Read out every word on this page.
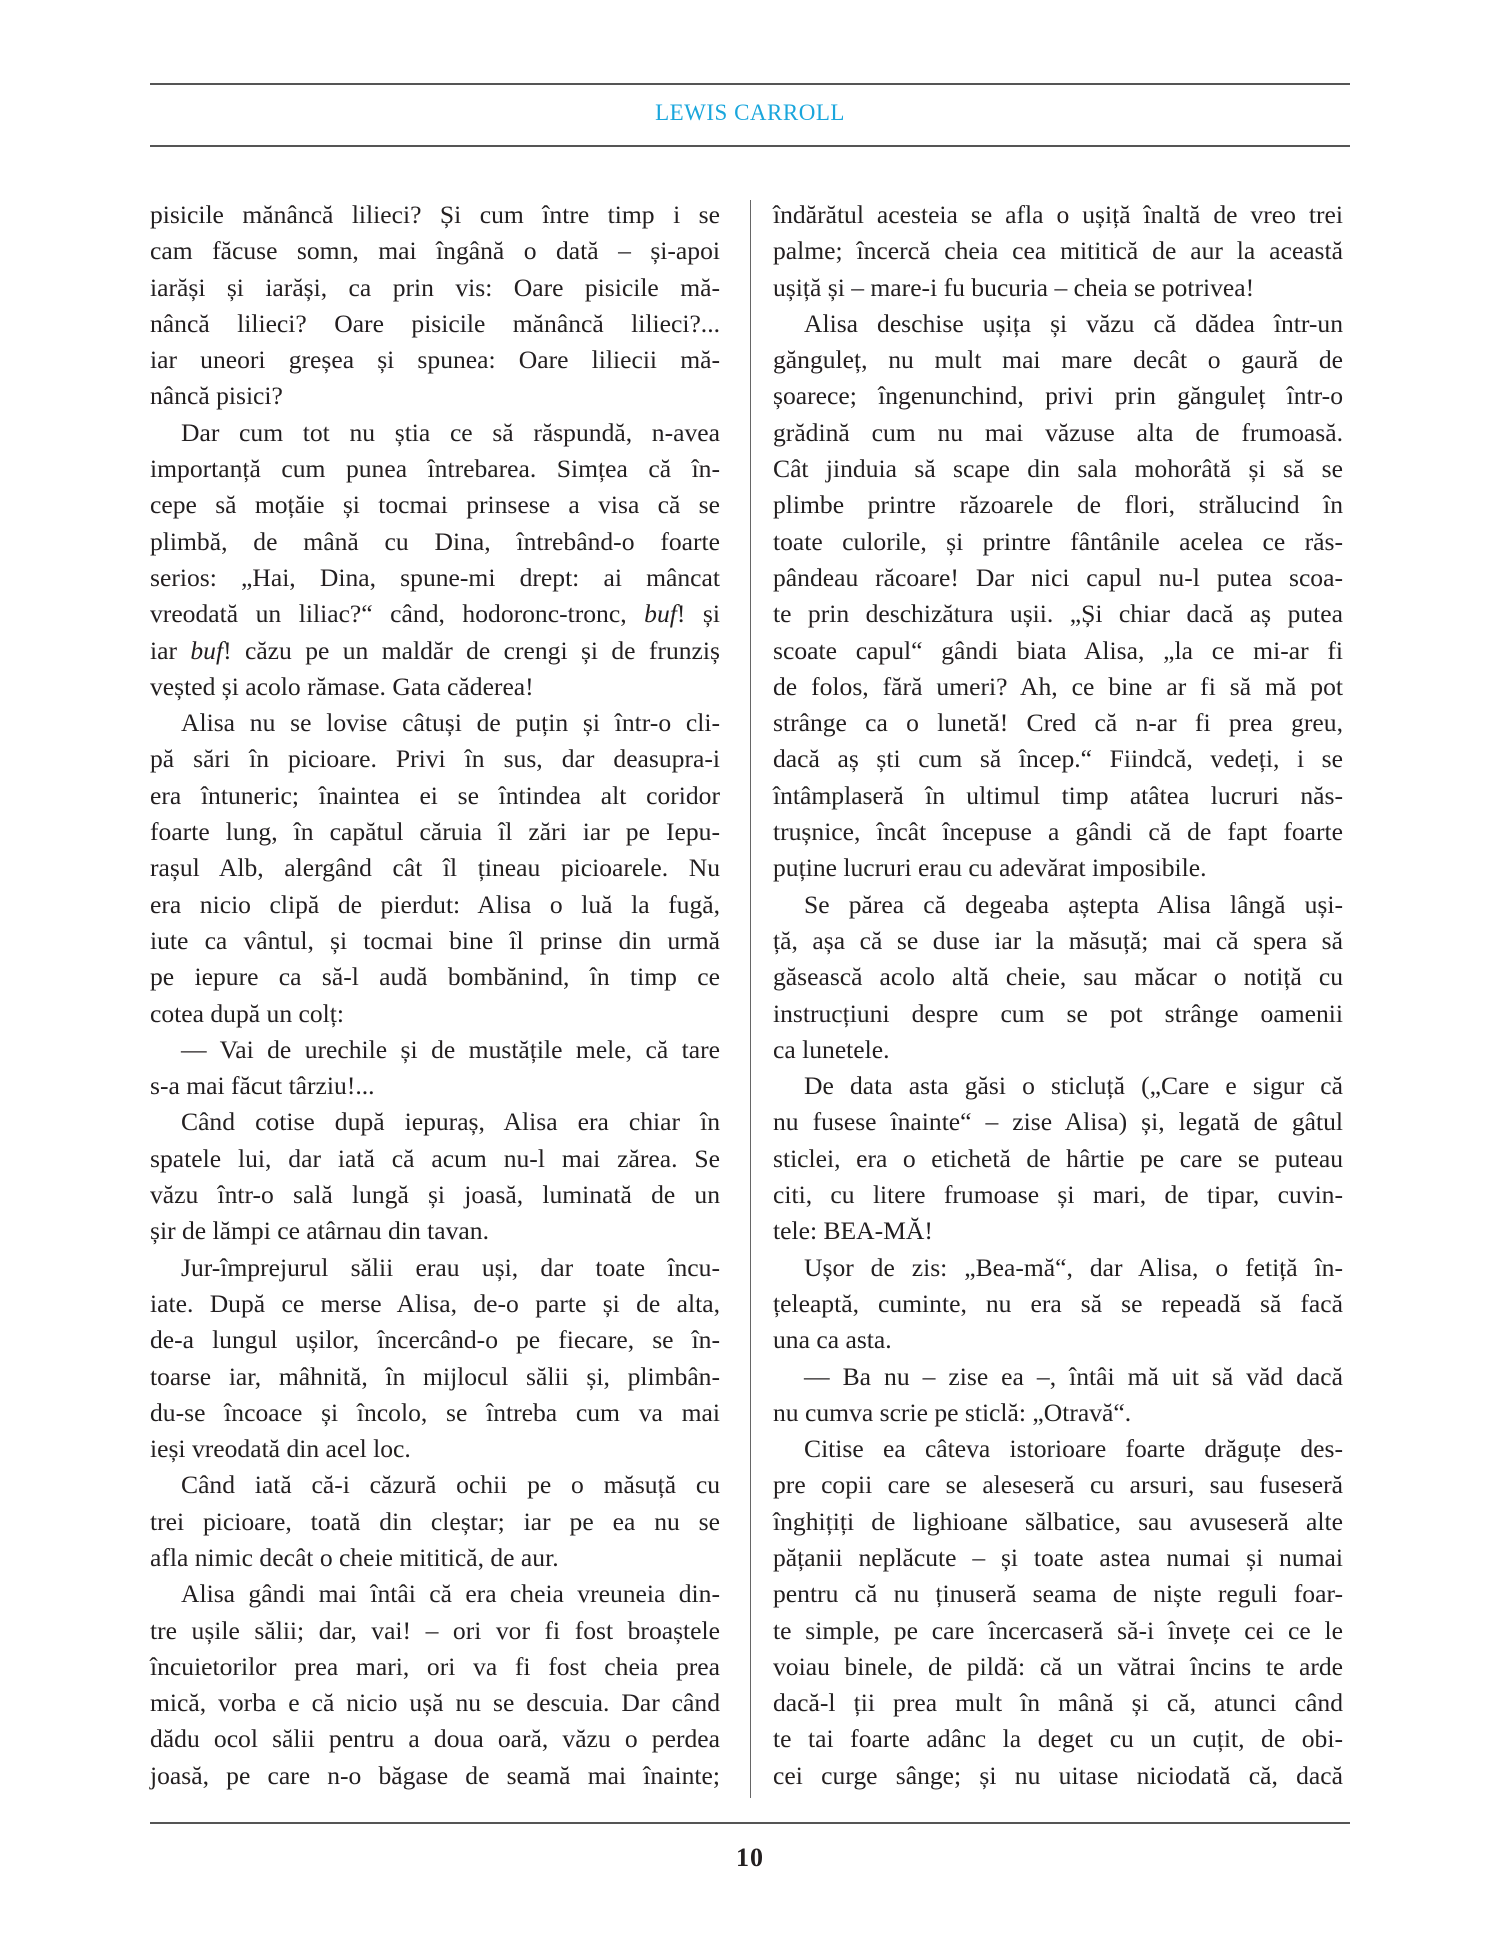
LEWIS CARROLL
pisicile mănâncă lilieci? Și cum între timp i se
cam făcuse somn, mai îngână o dată – și-apoi
iarăși și iarăși, ca prin vis: Oare pisicile mă-
nâncă lilieci? Oare pisicile mănâncă lilieci?...
iar uneori greșea și spunea: Oare liliecii mă-
nâncă pisici?
Dar cum tot nu știa ce să răspundă, n-avea
importanță cum punea întrebarea. Simțea că în-
cepe să moțăie și tocmai prinsese a visa că se
plimbă, de mână cu Dina, întrebând-o foarte
serios: „Hai, Dina, spune-mi drept: ai mâncat
vreodată un liliac?“ când, hodoronc-tronc, buf! și
iar buf! căzu pe un maldăr de crengi și de frunziș
veșted și acolo rămase. Gata căderea!
Alisa nu se lovise câtuși de puțin și într-o cli-
pă sări în picioare. Privi în sus, dar deasupra-i
era întuneric; înaintea ei se întindea alt coridor
foarte lung, în capătul căruia îl zări iar pe Iepu-
rașul Alb, alergând cât îl țineau picioarele. Nu
era nicio clipă de pierdut: Alisa o luă la fugă,
iute ca vântul, și tocmai bine îl prinse din urmă
pe iepure ca să-l audă bombănind, în timp ce
cotea după un colț:
— Vai de urechile și de mustățile mele, că tare
s-a mai făcut târziu!...
Când cotise după iepuraș, Alisa era chiar în
spatele lui, dar iată că acum nu-l mai zărea. Se
văzu într-o sală lungă și joasă, luminată de un
șir de lămpi ce atârnau din tavan.
Jur-împrejurul sălii erau uși, dar toate încu-
iate. După ce merse Alisa, de-o parte și de alta,
de-a lungul ușilor, încercând-o pe fiecare, se în-
toarse iar, mâhnită, în mijlocul sălii și, plimbân-
du-se încoace și încolo, se întreba cum va mai
ieși vreodată din acel loc.
Când iată că-i căzură ochii pe o măsuță cu
trei picioare, toată din cleștar; iar pe ea nu se
afla nimic decât o cheie mititică, de aur.
Alisa gândi mai întâi că era cheia vreuneia din-
tre ușile sălii; dar, vai! – ori vor fi fost broaștele
încuietorilor prea mari, ori va fi fost cheia prea
mică, vorba e că nicio ușă nu se descuia. Dar când
dădu ocol sălii pentru a doua oară, văzu o perdea
joasă, pe care n-o băgase de seamă mai înainte;
îndărătul acesteia se afla o ușiță înaltă de vreo trei
palme; încercă cheia cea mititică de aur la această
ușiță și – mare-i fu bucuria – cheia se potrivea!
Alisa deschise ușița și văzu că dădea într-un
gănguleț, nu mult mai mare decât o gaură de
șoarece; îngenunchind, privi prin gănguleț într-o
grădină cum nu mai văzuse alta de frumoasă.
Cât jinduia să scape din sala mohorâtă și să se
plimbe printre răzoarele de flori, strălucind în
toate culorile, și printre fântânile acelea ce răs-
pândeau răcoare! Dar nici capul nu-l putea scoa-
te prin deschizătura ușii. „Și chiar dacă aș putea
scoate capul“ gândi biata Alisa, „la ce mi-ar fi
de folos, fără umeri? Ah, ce bine ar fi să mă pot
strânge ca o lunetă! Cred că n-ar fi prea greu,
dacă aș ști cum să încep.“ Fiindcă, vedeți, i se
întâmplaseră în ultimul timp atâtea lucruri năs-
trușnice, încât începuse a gândi că de fapt foarte
puține lucruri erau cu adevărat imposibile.
Se părea că degeaba aștepta Alisa lângă uși-
ță, așa că se duse iar la măsuță; mai că spera să
găsească acolo altă cheie, sau măcar o notiță cu
instrucțiuni despre cum se pot strânge oamenii
ca lunetele.
De data asta găsi o sticluță („Care e sigur că
nu fusese înainte“ – zise Alisa) și, legată de gâtul
sticlei, era o etichetă de hârtie pe care se puteau
citi, cu litere frumoase și mari, de tipar, cuvin-
tele: BEA-MĂ!
Ușor de zis: „Bea-mă“, dar Alisa, o fetiță în-
țeleaptă, cuminte, nu era să se repeadă să facă
una ca asta.
— Ba nu – zise ea –, întâi mă uit să văd dacă
nu cumva scrie pe sticlă: „Otravă“.
Citise ea câteva istorioare foarte drăguțe des-
pre copii care se aleseseră cu arsuri, sau fuseseră
înghițiți de lighioane sălbatice, sau avuseseră alte
pățanii neplăcute – și toate astea numai și numai
pentru că nu ținuseră seama de niște reguli foar-
te simple, pe care încercaseră să-i învețe cei ce le
voiau binele, de pildă: că un vătrai încins te arde
dacă-l ții prea mult în mână și că, atunci când
te tai foarte adânc la deget cu un cuțit, de obi-
cei curge sânge; și nu uitase niciodată că, dacă
10
